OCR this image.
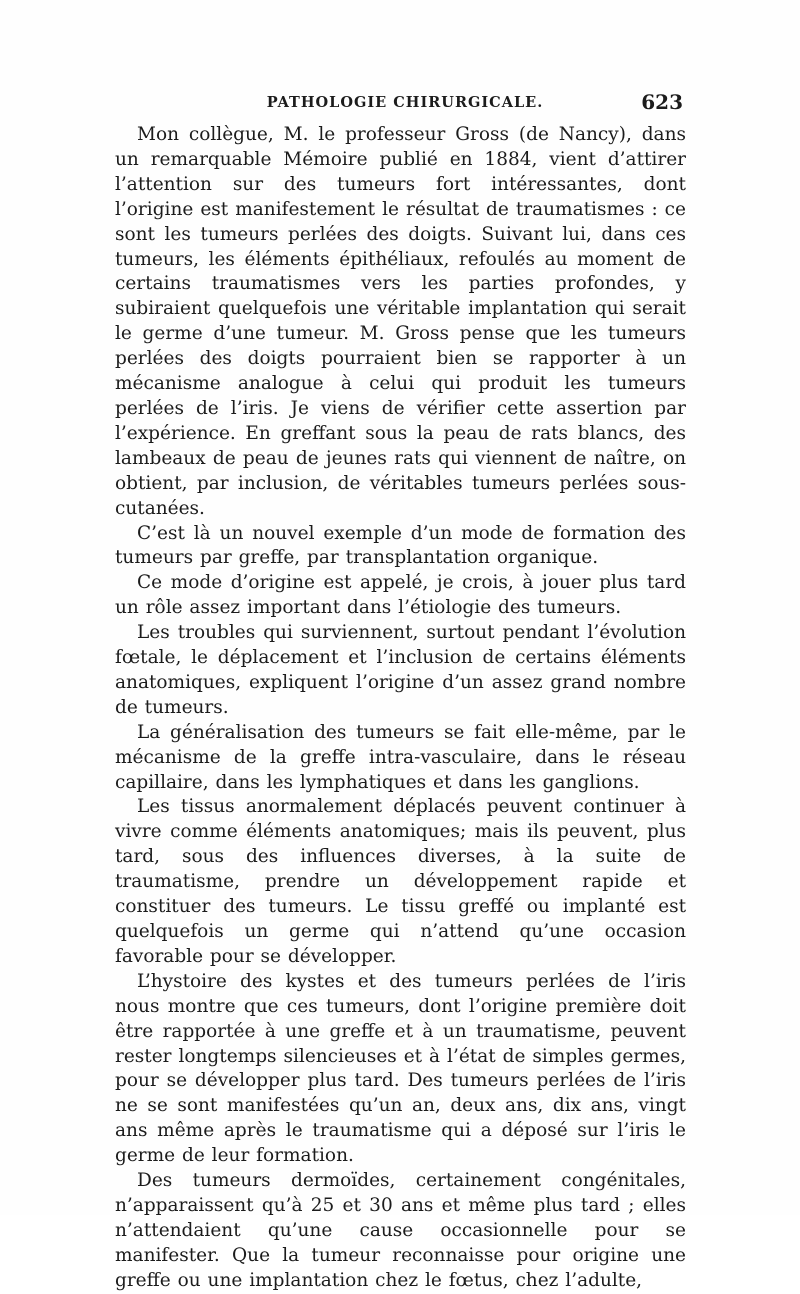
PATHOLOGIE CHIRURGICALE.	623

Mon collègue, M. le professeur Gross (de Nancy), dans un remarquable Mémoire publié en 1884, vient d’attirer l’attention sur des tumeurs fort intéressantes, dont l’origine est manifestement le résultat de traumatismes : ce sont les tumeurs perlées des doigts. Suivant lui, dans ces tumeurs, les éléments épithéliaux, refoulés au moment de certains traumatismes vers les parties profondes, y subiraient quelquefois une véritable implantation qui serait le germe d’une tumeur. M. Gross pense que les tumeurs perlées des doigts pourraient bien se rapporter à un mécanisme analogue à celui qui produit les tumeurs perlées de l’iris. Je viens de vérifier cette assertion par l’expérience. En greffant sous la peau de rats blancs, des lambeaux de peau de jeunes rats qui viennent de naître, on obtient, par inclusion, de véritables tumeurs perlées sous-cutanées.

C’est là un nouvel exemple d’un mode de formation des tumeurs par greffe, par transplantation organique.

Ce mode d’origine est appelé, je crois, à jouer plus tard un rôle assez important dans l’étiologie des tumeurs.

Les troubles qui surviennent, surtout pendant l’évolution fœtale, le déplacement et l’inclusion de certains éléments anatomiques, expliquent l’origine d’un assez grand nombre de tumeurs.

La généralisation des tumeurs se fait elle-même, par le mécanisme de la greffe intra-vasculaire, dans le réseau capillaire, dans les lymphatiques et dans les ganglions.

Les tissus anormalement déplacés peuvent continuer à vivre comme éléments anatomiques; mais ils peuvent, plus tard, sous des influences diverses, à la suite de traumatisme, prendre un développement rapide et constituer des tumeurs. Le tissu greffé ou implanté est quelquefois un germe qui n’attend qu’une occasion favorable pour se développer.

L’hystoire des kystes et des tumeurs perlées de l’iris nous montre que ces tumeurs, dont l’origine première doit être rapportée à une greffe et à un traumatisme, peuvent rester longtemps silencieuses et à l’état de simples germes, pour se développer plus tard. Des tumeurs perlées de l’iris ne se sont manifestées qu’un an, deux ans, dix ans, vingt ans même après le traumatisme qui a déposé sur l’iris le germe de leur formation.

Des tumeurs dermoïdes, certainement congénitales, n’apparaissent qu’à 25 et 30 ans et même plus tard ; elles n’attendaient qu’une cause occasionnelle pour se manifester. Que la tumeur reconnaisse pour origine une greffe ou une implantation chez le fœtus, chez l’adulte,
